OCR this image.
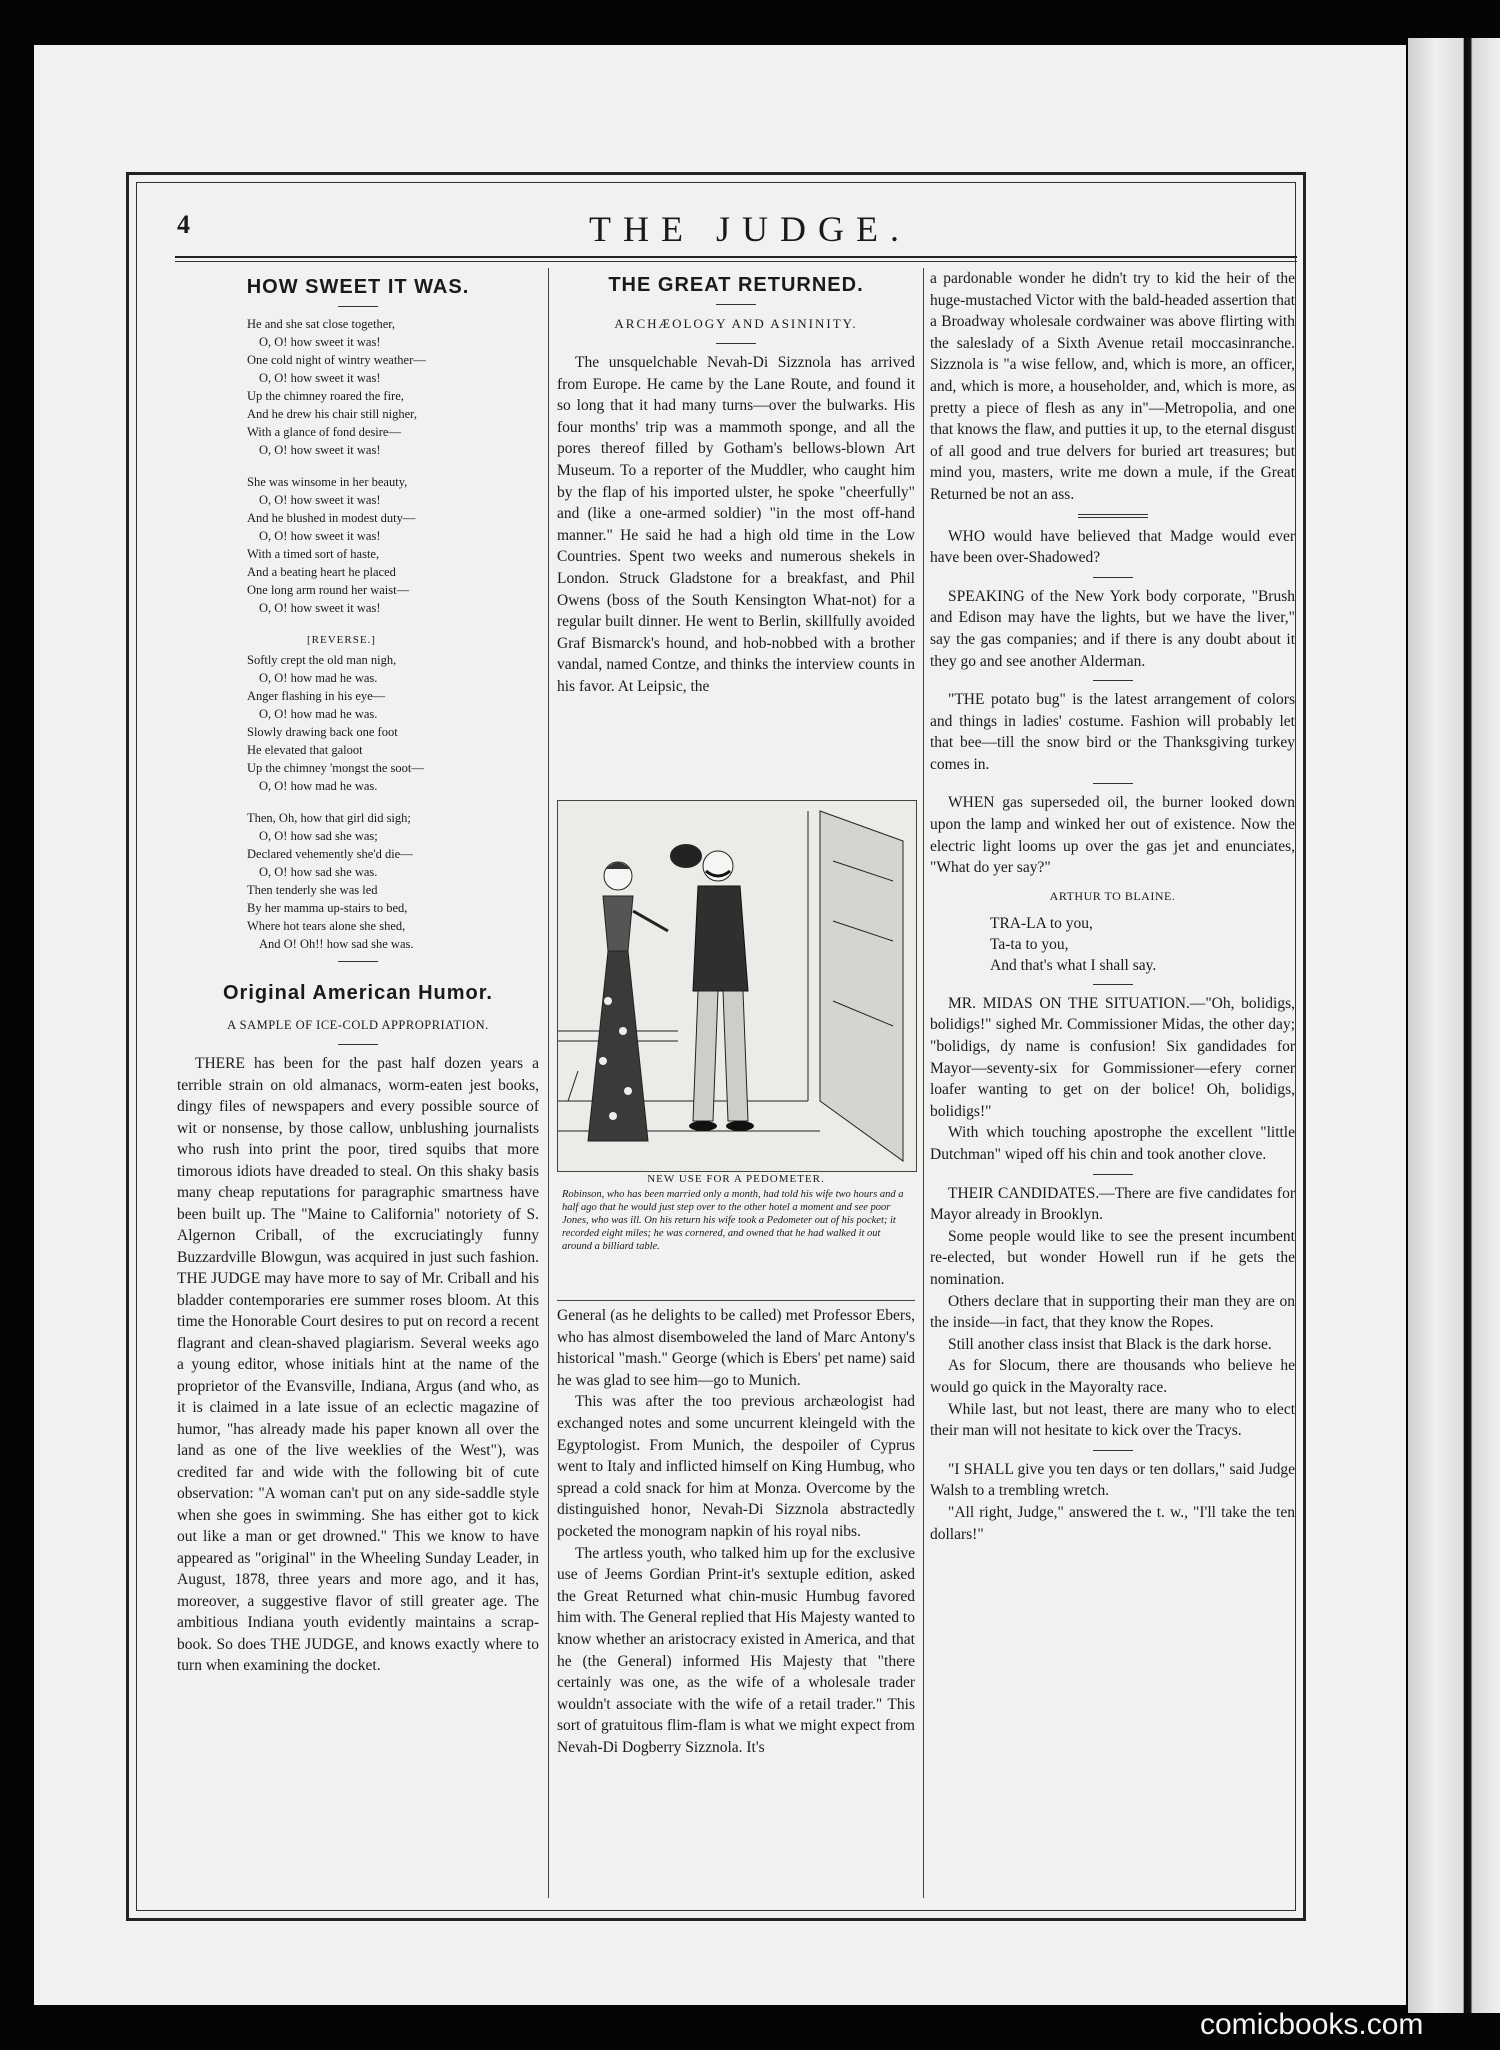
4	THE JUDGE.
HOW SWEET IT WAS.
He and she sat close together,
O, O! how sweet it was!
One cold night of wintry weather—
O, O! how sweet it was!
Up the chimney roared the fire,
And he drew his chair still nigher,
With a glance of fond desire—
O, O! how sweet it was!
She was winsome in her beauty,
O, O! how sweet it was!
And he blushed in modest duty—
O, O! how sweet it was!
With a timed sort of haste,
And a beating heart he placed
One long arm round her waist—
O, O! how sweet it was!
[REVERSE.]
Softly crept the old man nigh,
O, O! how mad he was.
Anger flashing in his eye—
O, O! how mad he was.
Slowly drawing back one foot
He elevated that galoot
Up the chimney 'mongst the soot—
O, O! how mad he was.
Then, Oh, how that girl did sigh;
O, O! how sad she was;
Declared vehemently she'd die—
O, O! how sad she was.
Then tenderly she was led
By her mamma up-stairs to bed,
Where hot tears alone she shed,
And O! Oh!! how sad she was.
Original American Humor.

A SAMPLE OF ICE-COLD APPROPRIATION.

THERE has been for the past half dozen years a terrible strain on old almanacs, worm-eaten jest books, dingy files of newspapers and every possible source of wit or nonsense, by those callow, unblushing journalists who rush into print the poor, tired squibs that more timorous idiots have dreaded to steal. On this shaky basis many cheap reputations for paragraphic smartness have been built up. The "Maine to California" notoriety of S. Algernon Criball, of the excruciatingly funny Buzzardville Blowgun, was acquired in just such fashion. THE JUDGE may have more to say of Mr. Criball and his bladder contemporaries ere summer roses bloom. At this time the Honorable Court desires to put on record a recent flagrant and clean-shaved plagiarism. Several weeks ago a young editor, whose initials hint at the name of the proprietor of the Evansville, Indiana, Argus (and who, as it is claimed in a late issue of an eclectic magazine of humor, "has already made his paper known all over the land as one of the live weeklies of the West"), was credited far and wide with the following bit of cute observation: "A woman can't put on any side-saddle style when she goes in swimming. She has either got to kick out like a man or get drowned." This we know to have appeared as "original" in the Wheeling Sunday Leader, in August, 1878, three years and more ago, and it has, moreover, a suggestive flavor of still greater age. The ambitious Indiana youth evidently maintains a scrap-book. So does THE JUDGE, and knows exactly where to turn when examining the docket.

THE GREAT RETURNED.

ARCHÆOLOGY AND ASININITY.

The unsquelchable Nevah-Di Sizznola has arrived from Europe. He came by the Lane Route, and found it so long that it had many turns—over the bulwarks. His four months' trip was a mammoth sponge, and all the pores thereof filled by Gotham's bellows-blown Art Museum. To a reporter of the Muddler, who caught him by the flap of his imported ulster, he spoke "cheerfully" and (like a one-armed soldier) "in the most off-hand manner." He said he had a high old time in the Low Countries. Spent two weeks and numerous shekels in London. Struck Gladstone for a breakfast, and Phil Owens (boss of the South Kensington What-not) for a regular built dinner. He went to Berlin, skillfully avoided Graf Bismarck's hound, and hob-nobbed with a brother vandal, named Contze, and thinks the interview counts in his favor. At Leipsic, the

NEW USE FOR A PEDOMETER.
Robinson, who has been married only a month, had told his wife two hours and a half ago that he would just step over to the other hotel a moment and see poor Jones, who was ill. On his return his wife took a Pedometer out of his pocket; it recorded eight miles; he was cornered, and owned that he had walked it out around a billiard table.

General (as he delights to be called) met Professor Ebers, who has almost disemboweled the land of Marc Antony's historical "mash." George (which is Ebers' pet name) said he was glad to see him—go to Munich.

This was after the too previous archæologist had exchanged notes and some uncurrent kleingeld with the Egyptologist. From Munich, the despoiler of Cyprus went to Italy and inflicted himself on King Humbug, who spread a cold snack for him at Monza. Overcome by the distinguished honor, Nevah-Di Sizznola abstractedly pocketed the monogram napkin of his royal nibs.

The artless youth, who talked him up for the exclusive use of Jeems Gordian Print-it's sextuple edition, asked the Great Returned what chin-music Humbug favored him with. The General replied that His Majesty wanted to know whether an aristocracy existed in America, and that he (the General) informed His Majesty that "there certainly was one, as the wife of a wholesale trader wouldn't associate with the wife of a retail trader." This sort of gratuitous flim-flam is what we might expect from Nevah-Di Dogberry Sizznola. It's

a pardonable wonder he didn't try to kid the heir of the huge-mustached Victor with the bald-headed assertion that a Broadway wholesale cordwainer was above flirting with the saleslady of a Sixth Avenue retail moccasinranche. Sizznola is "a wise fellow, and, which is more, an officer, and, which is more, a householder, and, which is more, as pretty a piece of flesh as any in"—Metropolia, and one that knows the flaw, and putties it up, to the eternal disgust of all good and true delvers for buried art treasures; but mind you, masters, write me down a mule, if the Great Returned be not an ass.

WHO would have believed that Madge would ever have been over-Shadowed?

SPEAKING of the New York body corporate, "Brush and Edison may have the lights, but we have the liver," say the gas companies; and if there is any doubt about it they go and see another Alderman.

"THE potato bug" is the latest arrangement of colors and things in ladies' costume. Fashion will probably let that bee—till the snow bird or the Thanksgiving turkey comes in.

WHEN gas superseded oil, the burner looked down upon the lamp and winked her out of existence. Now the electric light looms up over the gas jet and enunciates, "What do yer say?"

ARTHUR TO BLAINE.

TRA-LA to you,
Ta-ta to you,
And that's what I shall say.

MR. MIDAS ON THE SITUATION.—"Oh, bolidigs, bolidigs!" sighed Mr. Commissioner Midas, the other day; "bolidigs, dy name is confusion! Six gandidades for Mayor—seventy-six for Gommissioner—efery corner loafer wanting to get on der bolice! Oh, bolidigs, bolidigs!"

With which touching apostrophe the excellent "little Dutchman" wiped off his chin and took another clove.

THEIR CANDIDATES.—There are five candidates for Mayor already in Brooklyn.

Some people would like to see the present incumbent re-elected, but wonder Howell run if he gets the nomination.

Others declare that in supporting their man they are on the inside—in fact, that they know the Ropes.

Still another class insist that Black is the dark horse.

As for Slocum, there are thousands who believe he would go quick in the Mayoralty race.

While last, but not least, there are many who to elect their man will not hesitate to kick over the Tracys.

"I SHALL give you ten days or ten dollars," said Judge Walsh to a trembling wretch.

"All right, Judge," answered the t. w., "I'll take the ten dollars!"

comicbooks.com
